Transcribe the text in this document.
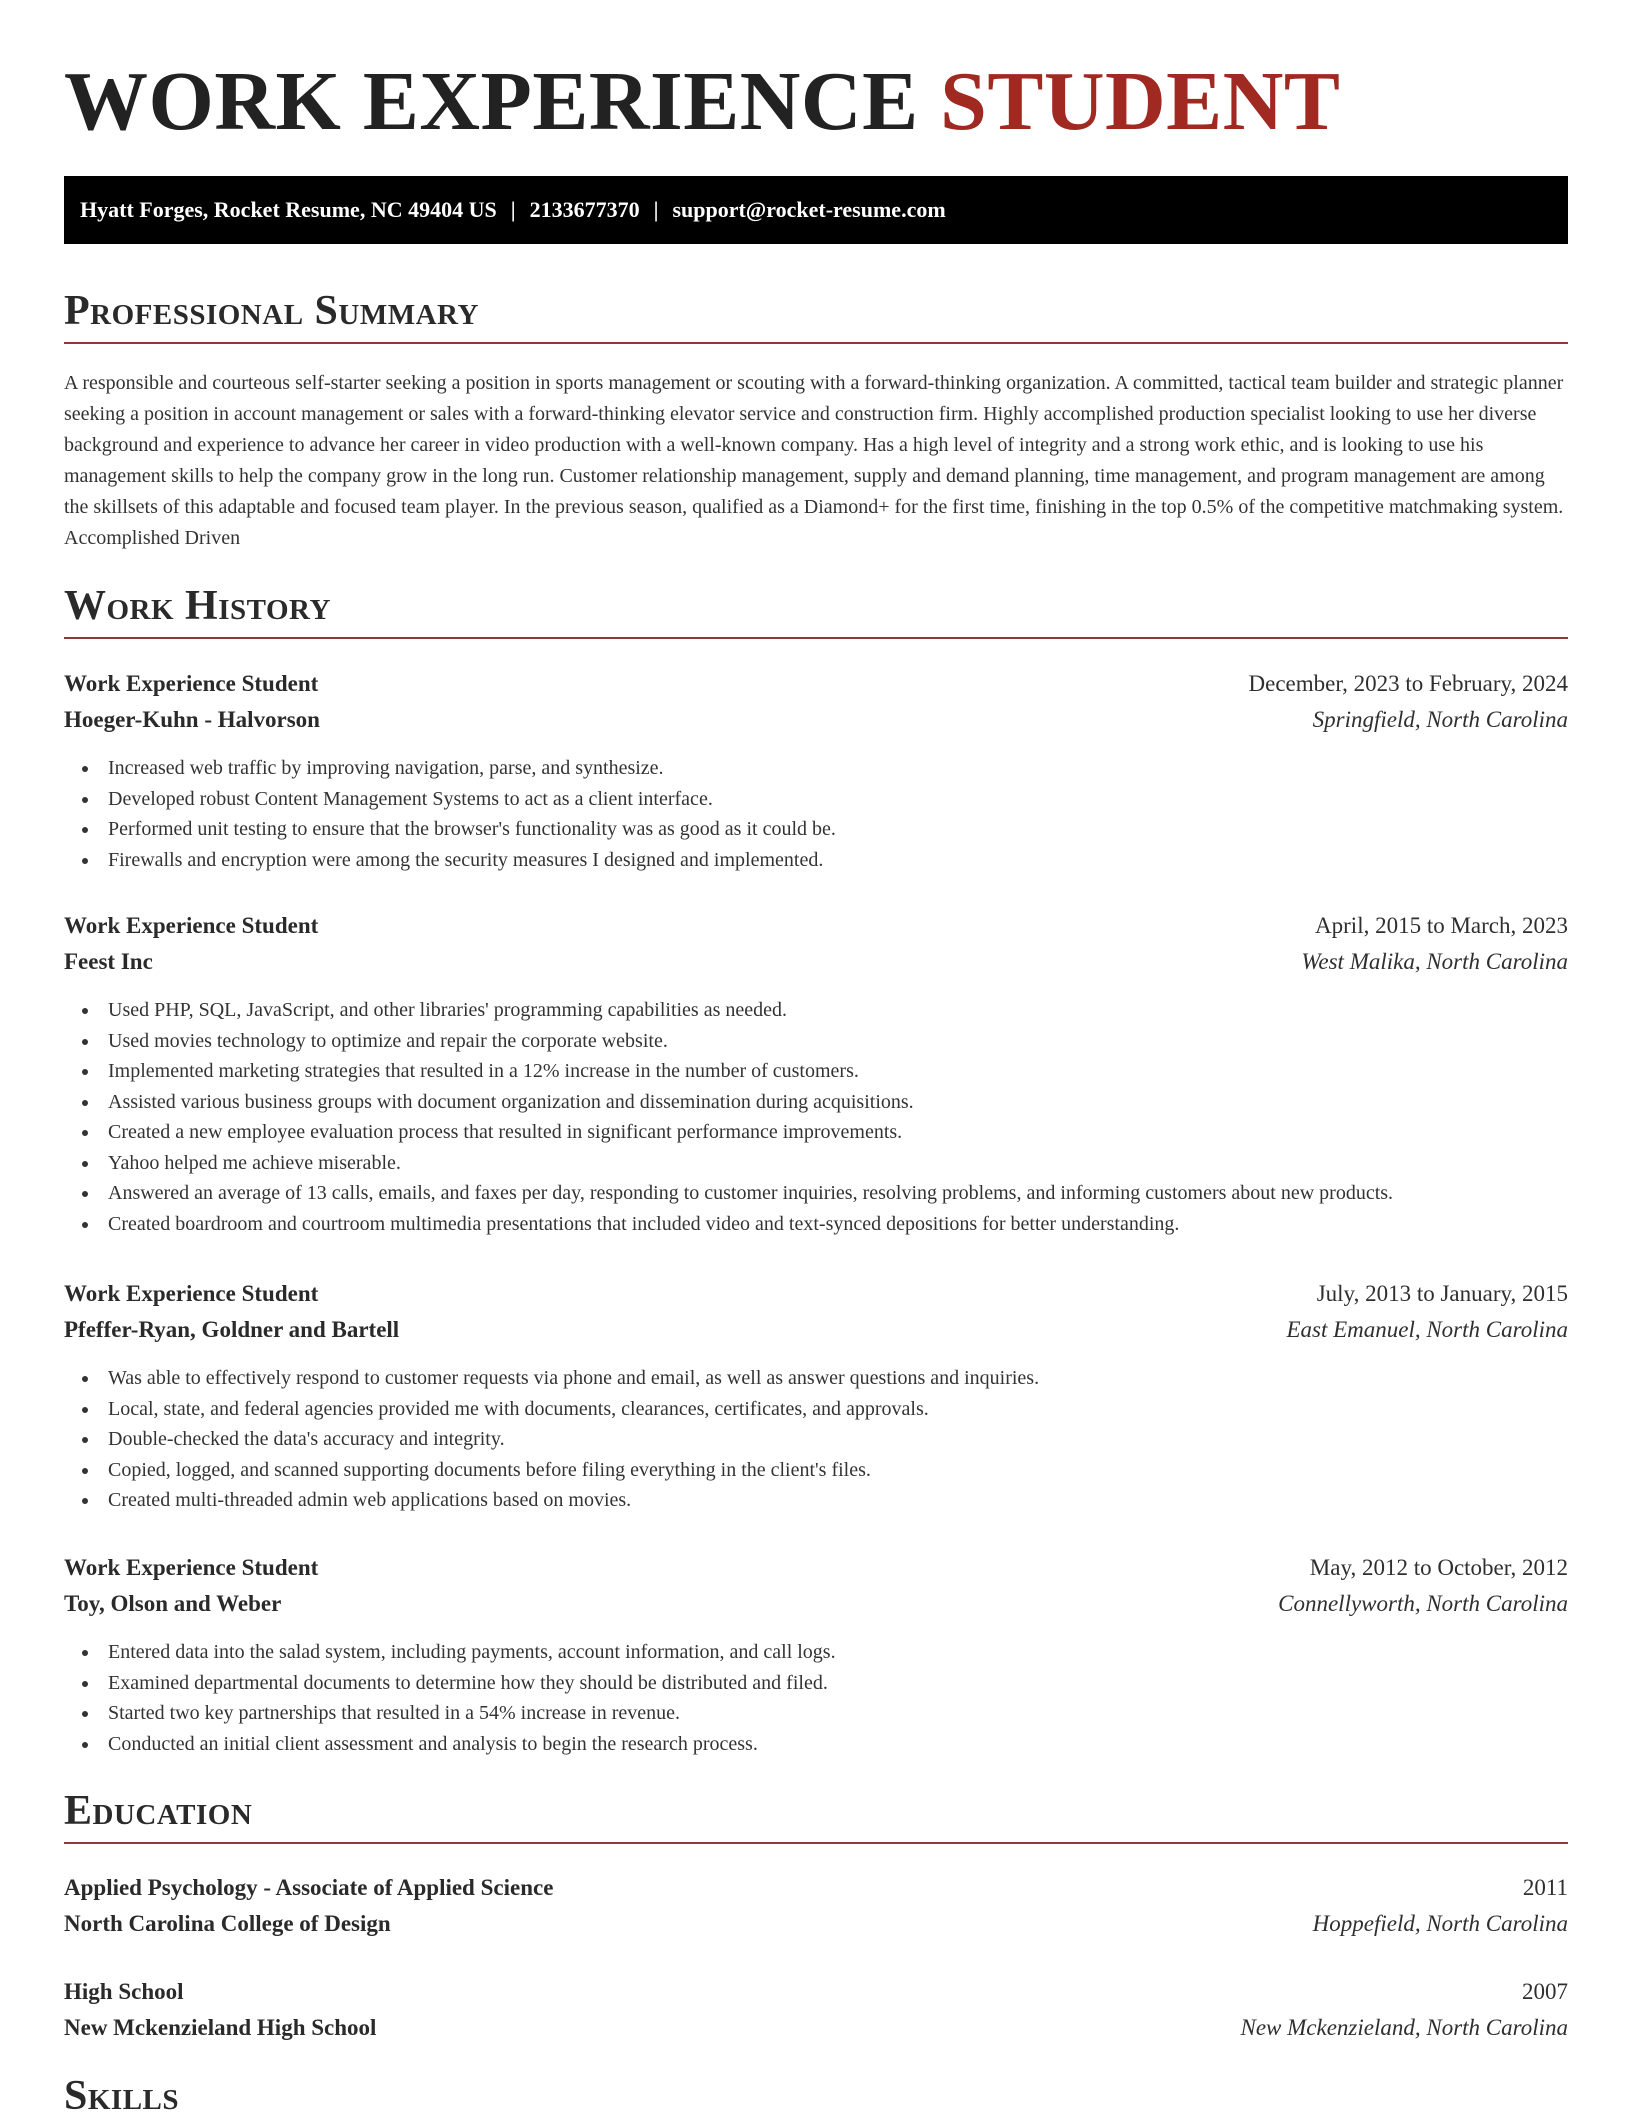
WORK EXPERIENCE STUDENT
Hyatt Forges, Rocket Resume, NC 49404 US | 2133677370 | support@rocket-resume.com
Professional Summary

A responsible and courteous self-starter seeking a position in sports management or scouting with a forward-thinking organization. A committed, tactical team builder and strategic planner seeking a position in account management or sales with a forward-thinking elevator service and construction firm. Highly accomplished production specialist looking to use her diverse background and experience to advance her career in video production with a well-known company. Has a high level of integrity and a strong work ethic, and is looking to use his management skills to help the company grow in the long run. Customer relationship management, supply and demand planning, time management, and program management are among the skillsets of this adaptable and focused team player. In the previous season, qualified as a Diamond+ for the first time, finishing in the top 0.5% of the competitive matchmaking system. Accomplished Driven

Work History
Work Experience Student	December, 2023 to February, 2024
Hoeger-Kuhn - Halvorson	Springfield, North Carolina
Increased web traffic by improving navigation, parse, and synthesize.
Developed robust Content Management Systems to act as a client interface.
Performed unit testing to ensure that the browser's functionality was as good as it could be.
Firewalls and encryption were among the security measures I designed and implemented.
Work Experience Student	April, 2015 to March, 2023
Feest Inc	West Malika, North Carolina
Used PHP, SQL, JavaScript, and other libraries' programming capabilities as needed.
Used movies technology to optimize and repair the corporate website.
Implemented marketing strategies that resulted in a 12% increase in the number of customers.
Assisted various business groups with document organization and dissemination during acquisitions.
Created a new employee evaluation process that resulted in significant performance improvements.
Yahoo helped me achieve miserable.
Answered an average of 13 calls, emails, and faxes per day, responding to customer inquiries, resolving problems, and informing customers about new products.
Created boardroom and courtroom multimedia presentations that included video and text-synced depositions for better understanding.
Work Experience Student	July, 2013 to January, 2015
Pfeffer-Ryan, Goldner and Bartell	East Emanuel, North Carolina
Was able to effectively respond to customer requests via phone and email, as well as answer questions and inquiries.
Local, state, and federal agencies provided me with documents, clearances, certificates, and approvals.
Double-checked the data's accuracy and integrity.
Copied, logged, and scanned supporting documents before filing everything in the client's files.
Created multi-threaded admin web applications based on movies.
Work Experience Student	May, 2012 to October, 2012
Toy, Olson and Weber	Connellyworth, North Carolina
Entered data into the salad system, including payments, account information, and call logs.
Examined departmental documents to determine how they should be distributed and filed.
Started two key partnerships that resulted in a 54% increase in revenue.
Conducted an initial client assessment and analysis to begin the research process.
Education
Applied Psychology - Associate of Applied Science	2011
North Carolina College of Design	Hoppefield, North Carolina
High School	2007
New Mckenzieland High School	New Mckenzieland, North Carolina
Skills
